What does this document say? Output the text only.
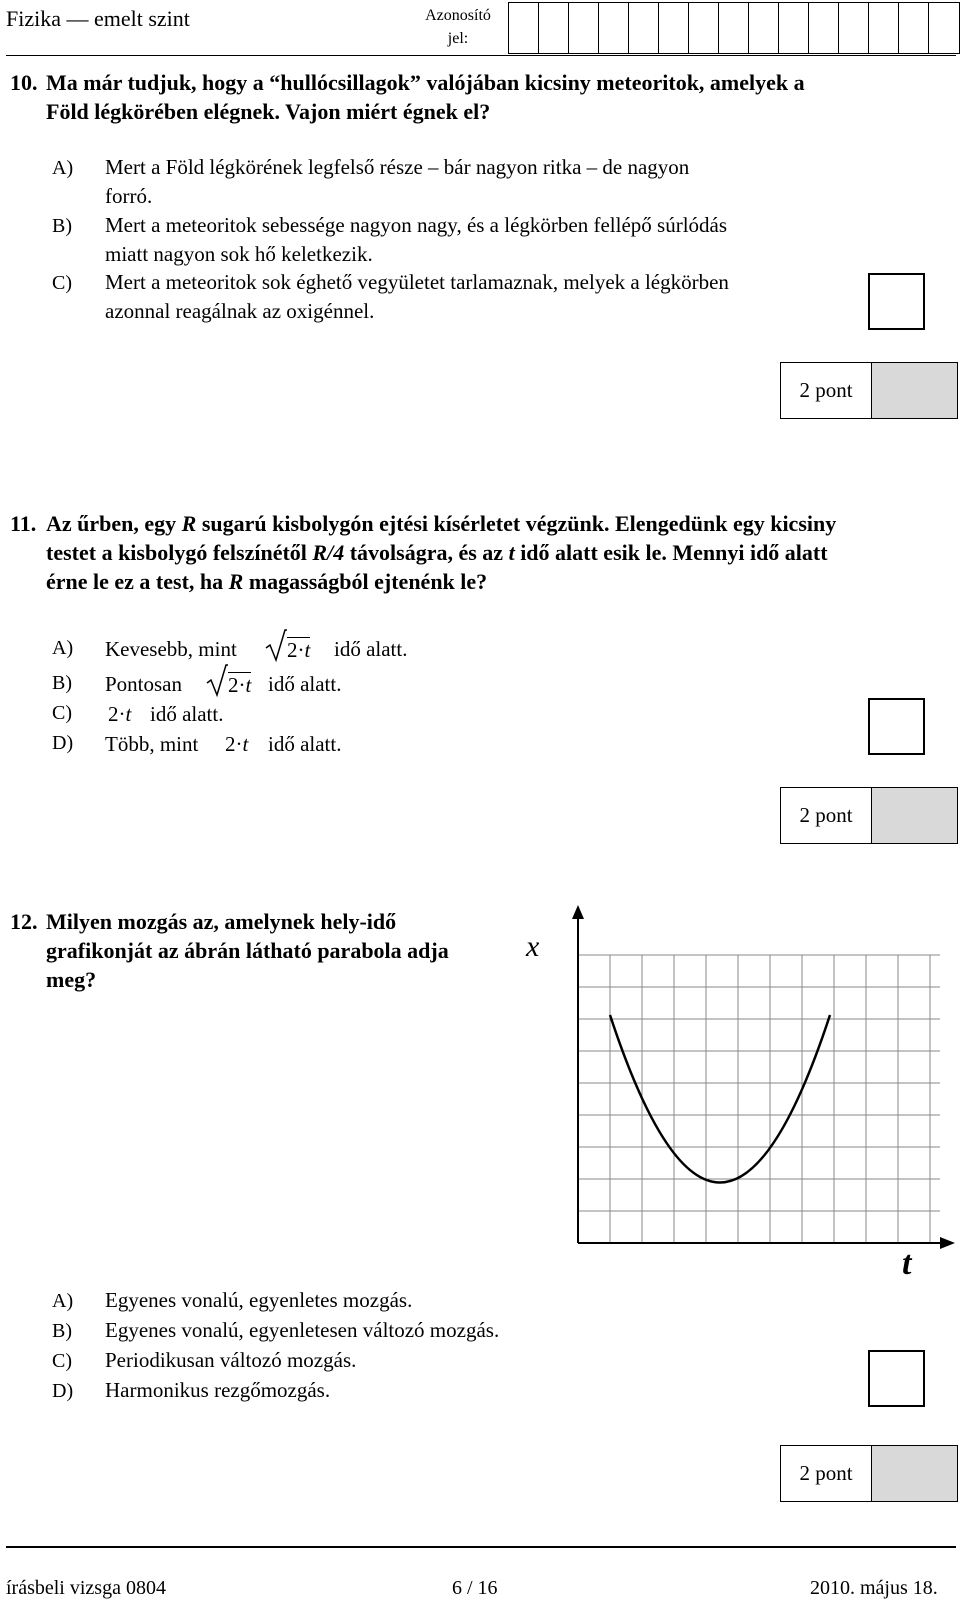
Fizika — emelt szint	Azonosító
jel:
10. Ma már tudjuk, hogy a “hullócsillagok” valójában kicsiny meteoritok, amelyek a
Föld légkörében elégnek. Vajon miért égnek el?
A) Mert a Föld légkörének legfelső része – bár nagyon ritka – de nagyon
forró.
B) Mert a meteoritok sebessége nagyon nagy, és a légkörben fellépő súrlódás
miatt nagyon sok hő keletkezik.
C) Mert a meteoritok sok éghető vegyületet tarlamaznak, melyek a légkörben
azonnal reagálnak az oxigénnel.
2 pont
11. Az űrben, egy R sugarú kisbolygón ejtési kísérletet végzünk. Elengedünk egy kicsiny
testet a kisbolygó felszínétől R/4 távolságra, és az t idő alatt esik le. Mennyi idő alatt
érne le ez a test, ha R magasságból ejtenénk le?
A) Kevesebb, mint 2·t idő alatt.
B) Pontosan 2·t idő alatt.
C) 2·t idő alatt.
D) Több, mint 2·t idő alatt.
2 pont
12. Milyen mozgás az, amelynek hely-idő
grafikonját az ábrán látható parabola adja
meg?
x
t
A) Egyenes vonalú, egyenletes mozgás.
B) Egyenes vonalú, egyenletesen változó mozgás.
C) Periodikusan változó mozgás.
D) Harmonikus rezgőmozgás.
2 pont
írásbeli vizsga 0804	6 / 16	2010. május 18.
